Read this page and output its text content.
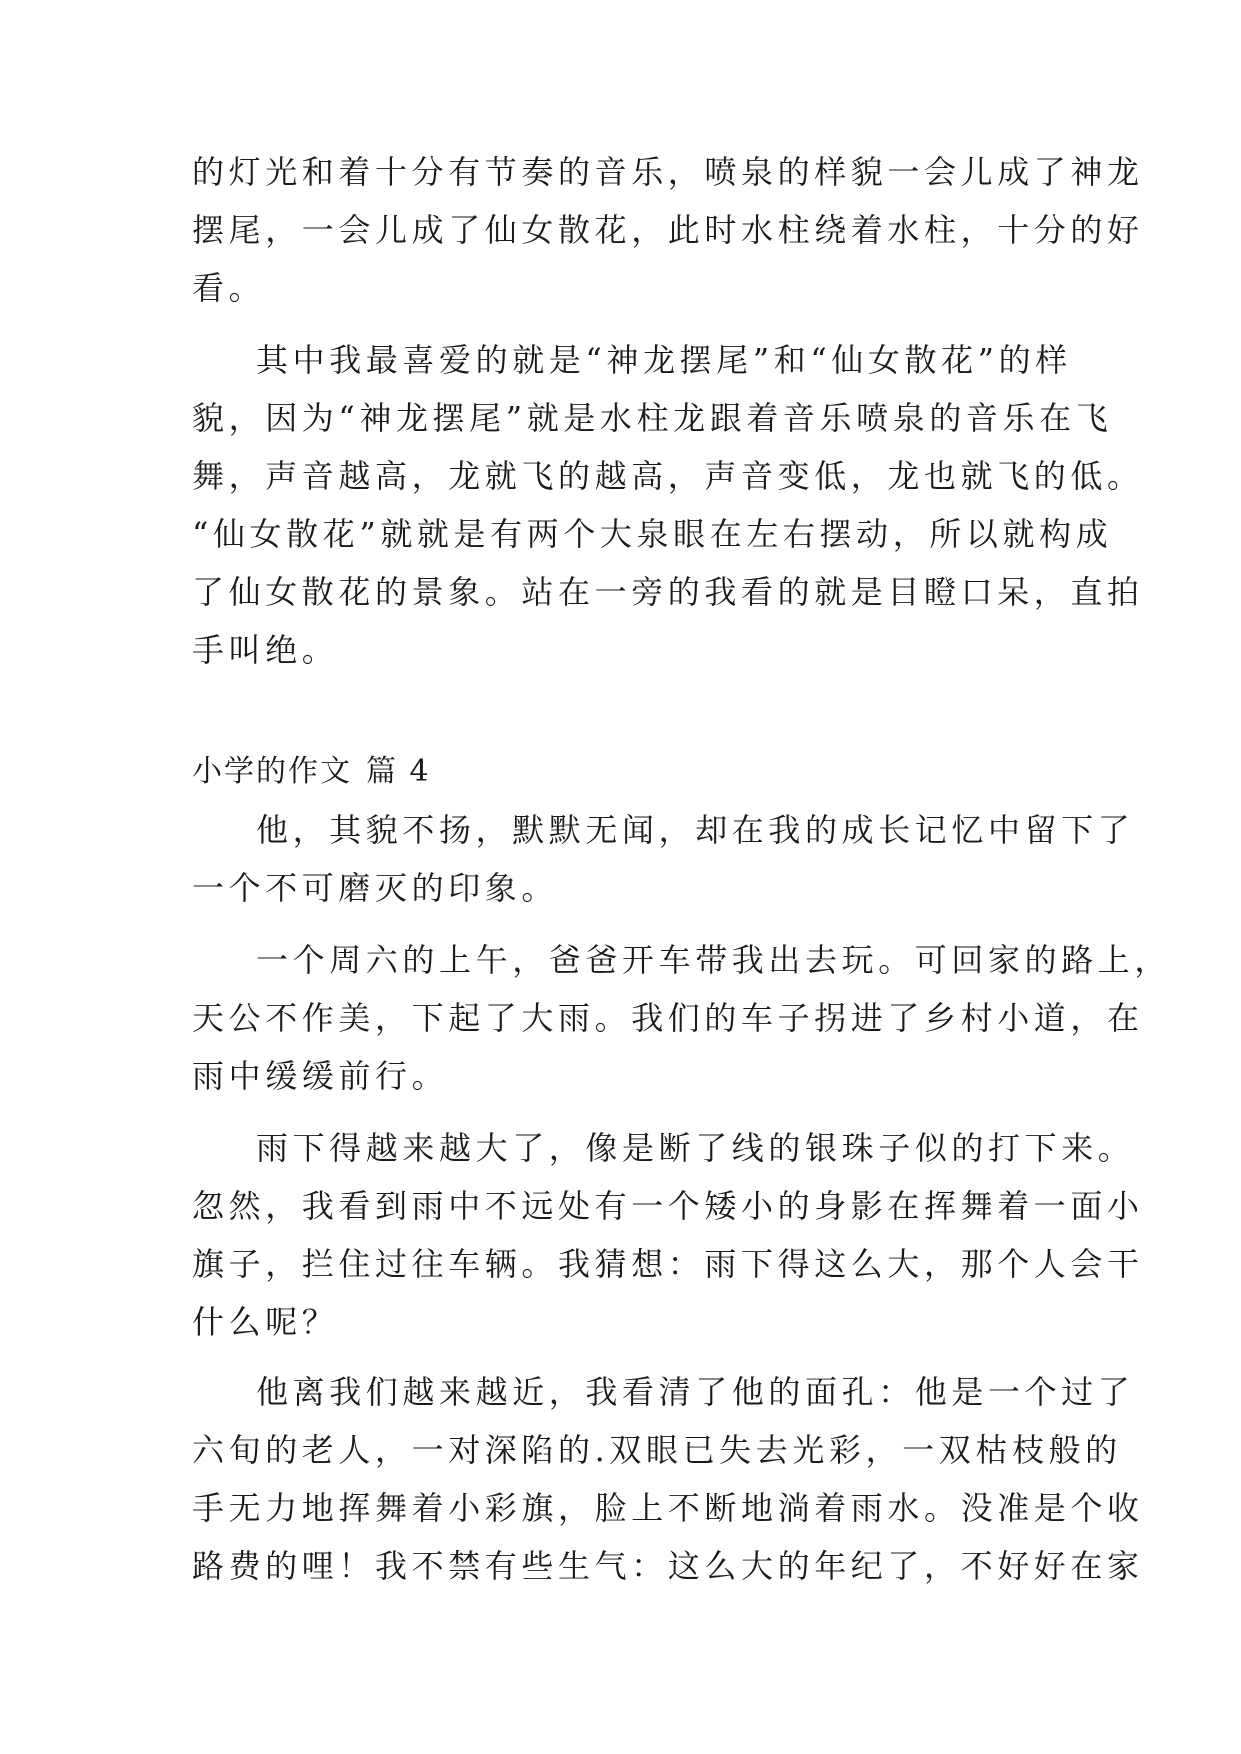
的灯光和着十分有节奏的音乐，喷泉的样貌一会儿成了神龙
摆尾，一会儿成了仙女散花，此时水柱绕着水柱，十分的好
看。
其中我最喜爱的就是“神龙摆尾”和“仙女散花”的样
貌，因为“神龙摆尾”就是水柱龙跟着音乐喷泉的音乐在飞
舞，声音越高，龙就飞的越高，声音变低，龙也就飞的低。
“仙女散花”就就是有两个大泉眼在左右摆动，所以就构成
了仙女散花的景象。站在一旁的我看的就是目瞪口呆，直拍
手叫绝。
小学的作文 篇 4
他，其貌不扬，默默无闻，却在我的成长记忆中留下了
一个不可磨灭的印象。
一个周六的上午，爸爸开车带我出去玩。可回家的路上，
天公不作美，下起了大雨。我们的车子拐进了乡村小道，在
雨中缓缓前行。
雨下得越来越大了，像是断了线的银珠子似的打下来。
忽然，我看到雨中不远处有一个矮小的身影在挥舞着一面小
旗子，拦住过往车辆。我猜想：雨下得这么大，那个人会干
什么呢？
他离我们越来越近，我看清了他的面孔：他是一个过了
六旬的老人，一对深陷的.双眼已失去光彩，一双枯枝般的
手无力地挥舞着小彩旗，脸上不断地淌着雨水。没准是个收
路费的哩！我不禁有些生气：这么大的年纪了，不好好在家
